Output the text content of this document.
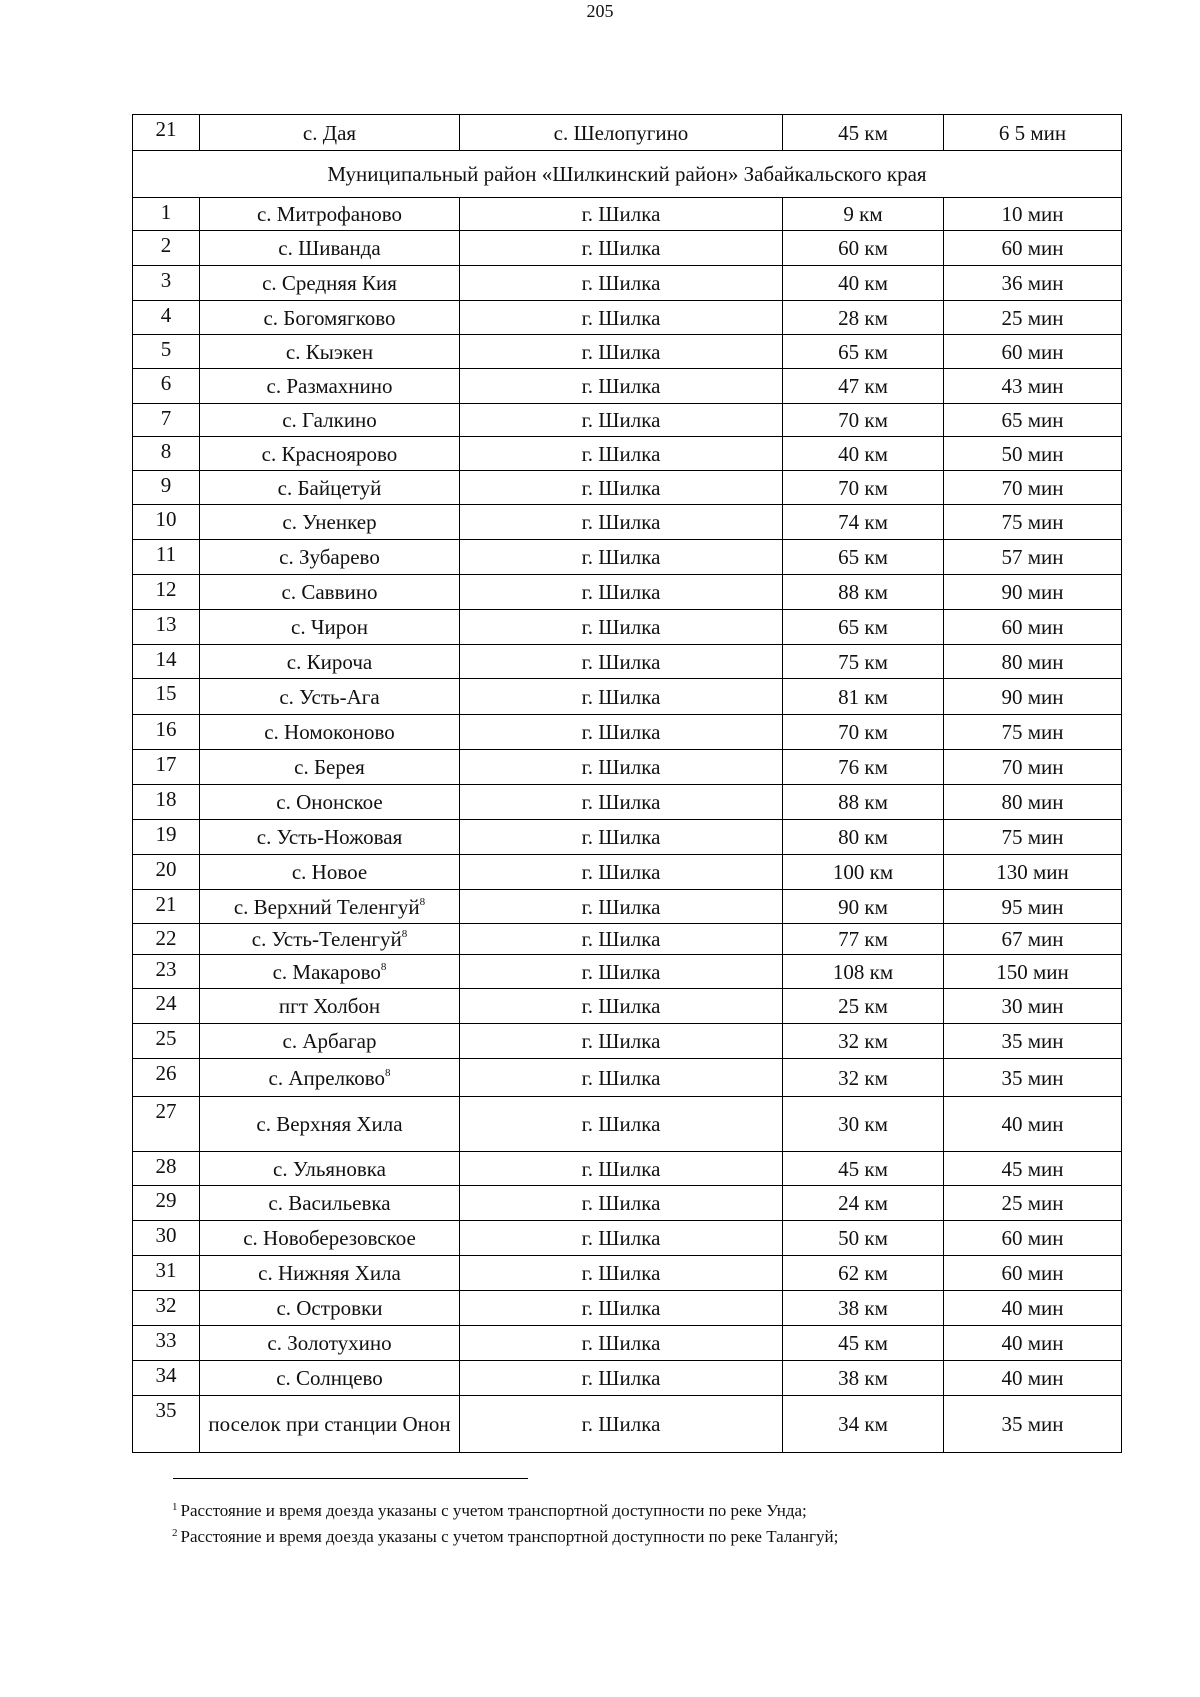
205
21	с. Дая	с. Шелопугино	45 км	6 5 мин
Муниципальный район «Шилкинский район» Забайкальского края				
1	с. Митрофаново	г. Шилка	9 км	10 мин
2	с. Шиванда	г. Шилка	60 км	60 мин
3	с. Средняя Кия	г. Шилка	40 км	36 мин
4	с. Богомягково	г. Шилка	28 км	25 мин
5	с. Кыэкен	г. Шилка	65 км	60 мин
6	с. Размахнино	г. Шилка	47 км	43 мин
7	с. Галкино	г. Шилка	70 км	65 мин
8	с. Краснoярово	г. Шилка	40 км	50 мин
9	с. Байцетуй	г. Шилка	70 км	70 мин
10	с. Уненкер	г. Шилка	74 км	75 мин
11	с. Зубарево	г. Шилка	65 км	57 мин
12	с. Саввино	г. Шилка	88 км	90 мин
13	с. Чирон	г. Шилка	65 км	60 мин
14	с. Кироча	г. Шилка	75 км	80 мин
15	с. Усть-Ага	г. Шилка	81 км	90 мин
16	с. Номоконово	г. Шилка	70 км	75 мин
17	с. Берея	г. Шилка	76 км	70 мин
18	с. Ононское	г. Шилка	88 км	80 мин
19	с. Усть-Ножовая	г. Шилка	80 км	75 мин
20	с. Новое	г. Шилка	100 км	130 мин
21	с. Верхний Теленгуй$^8$	г. Шилка	90 км	95 мин
22	с. Усть-Теленгуй$^8$	г. Шилка	77 км	67 мин
23	с. Макарово$^8$	г. Шилка	108 км	150 мин
24	пгт Холбон	г. Шилка	25 км	30 мин
25	с. Арбагар	г. Шилка	32 км	35 мин
26	с. Апрелково$^8$	г. Шилка	32 км	35 мин
27	с. Верхняя Хила	г. Шилка	30 км	40 мин
28	с. Ульяновка	г. Шилка	45 км	45 мин
29	с. Васильевка	г. Шилка	24 км	25 мин
30	с. Новоберезовское	г. Шилка	50 км	60 мин
31	с. Нижняя Хила	г. Шилка	62 км	60 мин
32	с. Островки	г. Шилка	38 км	40 мин
33	с. Золотухино	г. Шилка	45 км	40 мин
34	с. Солнцево	г. Шилка	38 км	40 мин
35	поселок при станции Онон	г. Шилка	34 км	35 мин
$^1$ Расстояние и время доезда указаны с учетом транспортной доступности по реке Унда;
$^2$ Расстояние и время доезда указаны с учетом транспортной доступности по реке Талангуй;
